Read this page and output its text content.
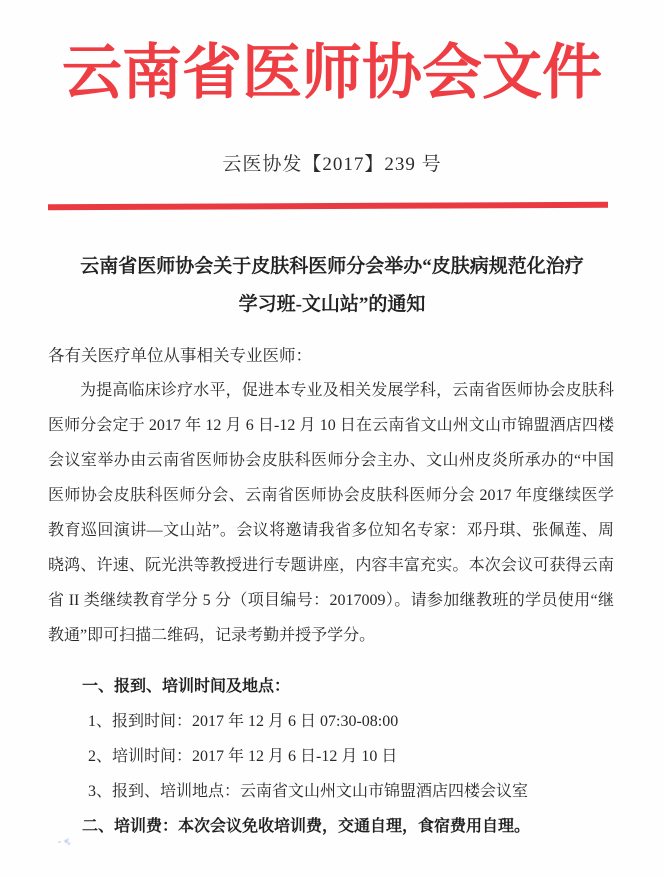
云南省医师协会文件
云医协发【2017】239 号
云南省医师协会关于皮肤科医师分会举办“皮肤病规范化治疗
学习班-文山站”的通知
各有关医疗单位从事相关专业医师：

为提高临床诊疗水平，促进本专业及相关发展学科，云南省医师协会皮肤科医师分会定于 2017 年 12 月 6 日-12 月 10 日在云南省文山州文山市锦盟酒店四楼会议室举办由云南省医师协会皮肤科医师分会主办、文山州皮炎所承办的“中国医师协会皮肤科医师分会、云南省医师协会皮肤科医师分会 2017 年度继续医学教育巡回演讲—文山站”。会议将邀请我省多位知名专家：邓丹琪、张佩莲、周晓鸿、许速、阮光洪等教授进行专题讲座，内容丰富充实。本次会议可获得云南省 II 类继续教育学分 5 分（项目编号：2017009）。请参加继教班的学员使用“继教通”即可扫描二维码，记录考勤并授予学分。

一、报到、培训时间及地点：
1、报到时间：2017 年 12 月 6 日 07:30-08:00
2、培训时间：2017 年 12 月 6 日-12 月 10 日
3、报到、培训地点：云南省文山州文山市锦盟酒店四楼会议室
二、培训费：本次会议免收培训费，交通自理，食宿费用自理。
